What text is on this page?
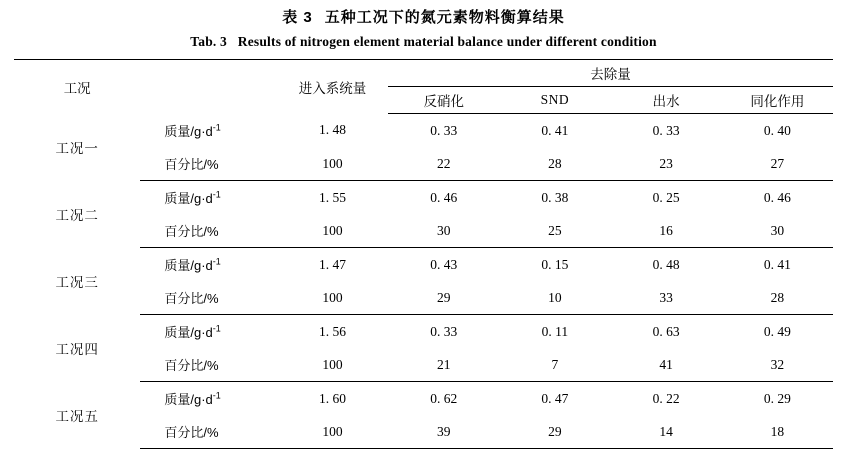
表 3 五种工况下的氮元素物料衡算结果
Tab. 3 Results of nitrogen element material balance under different condition
工况		进入系统量	去除量			
			反硝化	SND	出水	同化作用
工况一	质量$/g\cdot d^{-1}$	1. 48	0. 33	0. 41	0. 33	0. 40
	百分比/%	100	22	28	23	27
工况二	质量$/g\cdot d^{-1}$	1. 55	0. 46	0. 38	0. 25	0. 46
	百分比/%	100	30	25	16	30
工况三	质量$/g\cdot d^{-1}$	1. 47	0. 43	0. 15	0. 48	0. 41
	百分比/%	100	29	10	33	28
工况四	质量$/g\cdot d^{-1}$	1. 56	0. 33	0. 11	0. 63	0. 49
	百分比/%	100	21	7	41	32
工况五	质量$/g\cdot d^{-1}$	1. 60	0. 62	0. 47	0. 22	0. 29
	百分比/%	100	39	29	14	18
